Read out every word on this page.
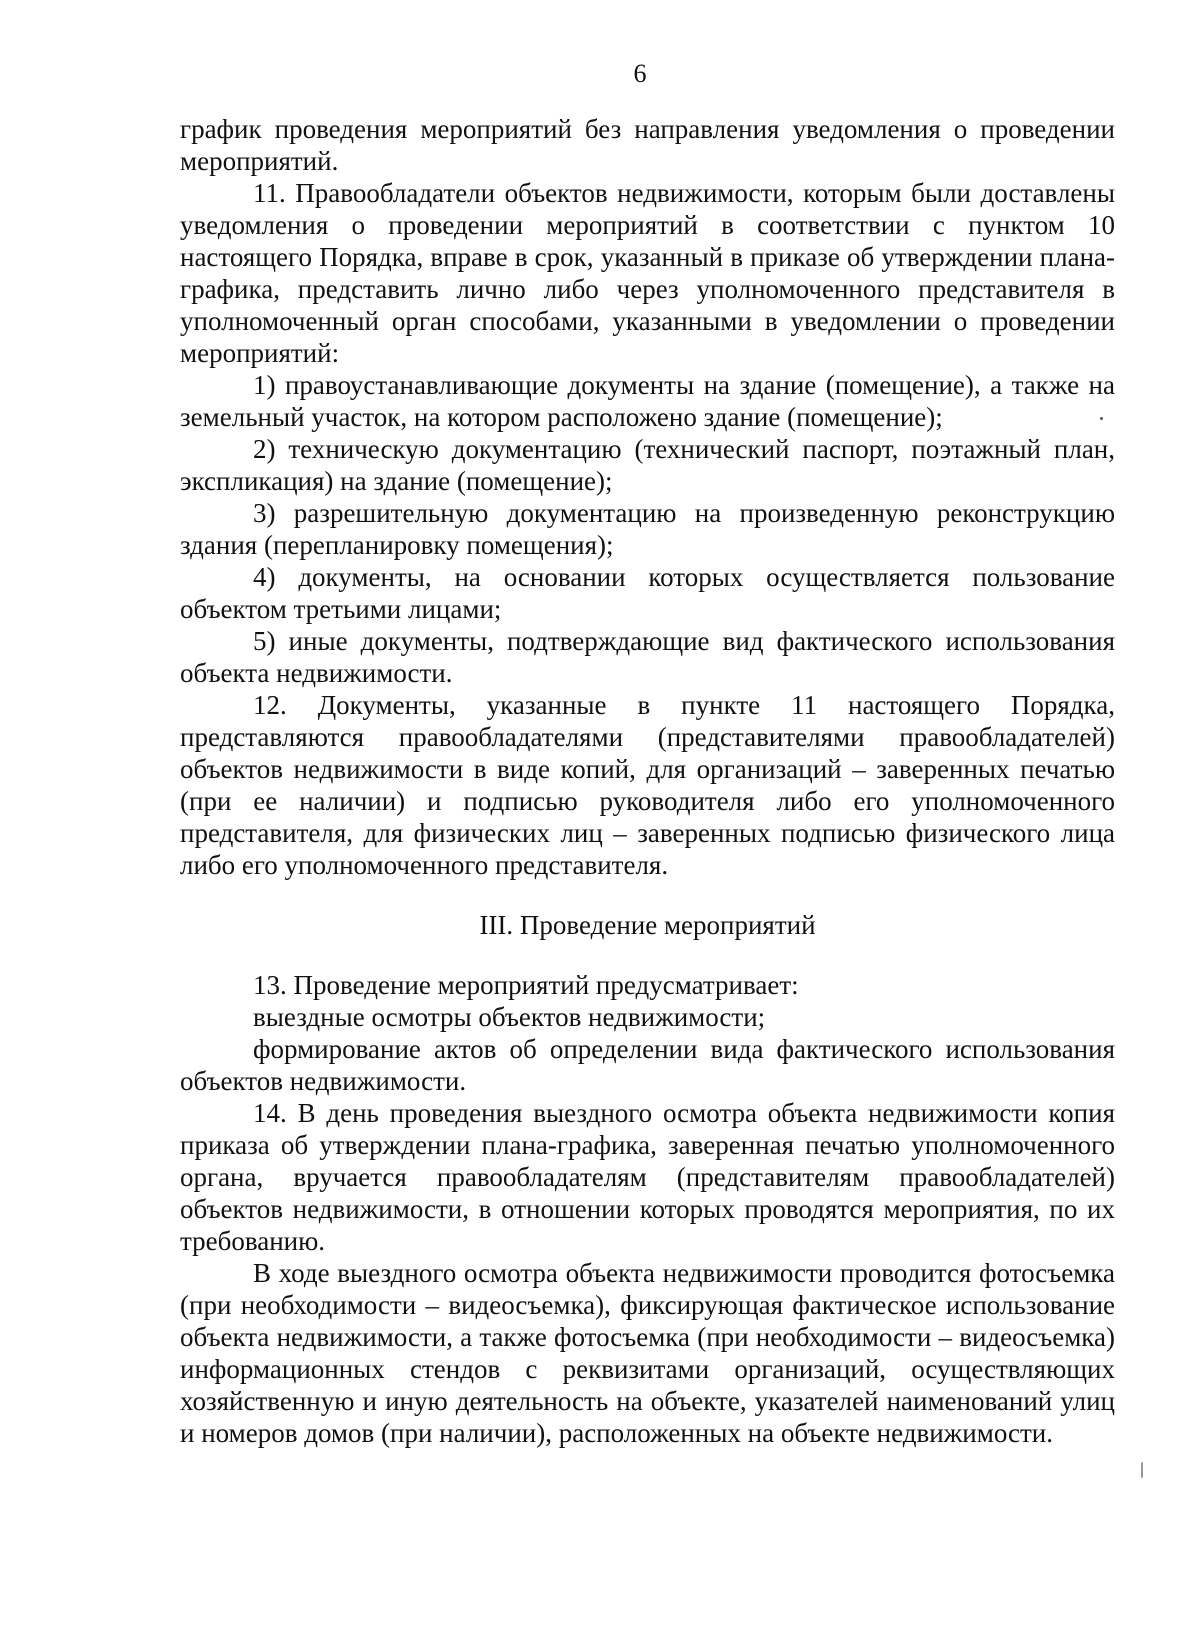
6

график проведения мероприятий без направления уведомления о проведении мероприятий.

11. Правообладатели объектов недвижимости, которым были доставлены уведомления о проведении мероприятий в соответствии с пунктом 10 настоящего Порядка, вправе в срок, указанный в приказе об утверждении плана-графика, представить лично либо через уполномоченного представителя в уполномоченный орган способами, указанными в уведомлении о проведении мероприятий:

1) правоустанавливающие документы на здание (помещение), а также на земельный участок, на котором расположено здание (помещение);

2) техническую документацию (технический паспорт, поэтажный план, экспликация) на здание (помещение);

3) разрешительную документацию на произведенную реконструкцию здания (перепланировку помещения);

4) документы, на основании которых осуществляется пользование объектом третьими лицами;

5) иные документы, подтверждающие вид фактического использования объекта недвижимости.

12. Документы, указанные в пункте 11 настоящего Порядка, представляются правообладателями (представителями правообладателей) объектов недвижимости в виде копий, для организаций – заверенных печатью (при ее наличии) и подписью руководителя либо его уполномоченного представителя, для физических лиц – заверенных подписью физического лица либо его уполномоченного представителя.

III. Проведение мероприятий

13. Проведение мероприятий предусматривает:

выездные осмотры объектов недвижимости;

формирование актов об определении вида фактического использования объектов недвижимости.

14. В день проведения выездного осмотра объекта недвижимости копия приказа об утверждении плана-графика, заверенная печатью уполномоченного органа, вручается правообладателям (представителям правообладателей) объектов недвижимости, в отношении которых проводятся мероприятия, по их требованию.

В ходе выездного осмотра объекта недвижимости проводится фотосъемка (при необходимости – видеосъемка), фиксирующая фактическое использование объекта недвижимости, а также фотосъемка (при необходимости – видеосъемка) информационных стендов с реквизитами организаций, осуществляющих хозяйственную и иную деятельность на объекте, указателей наименований улиц и номеров домов (при наличии), расположенных на объекте недвижимости.
